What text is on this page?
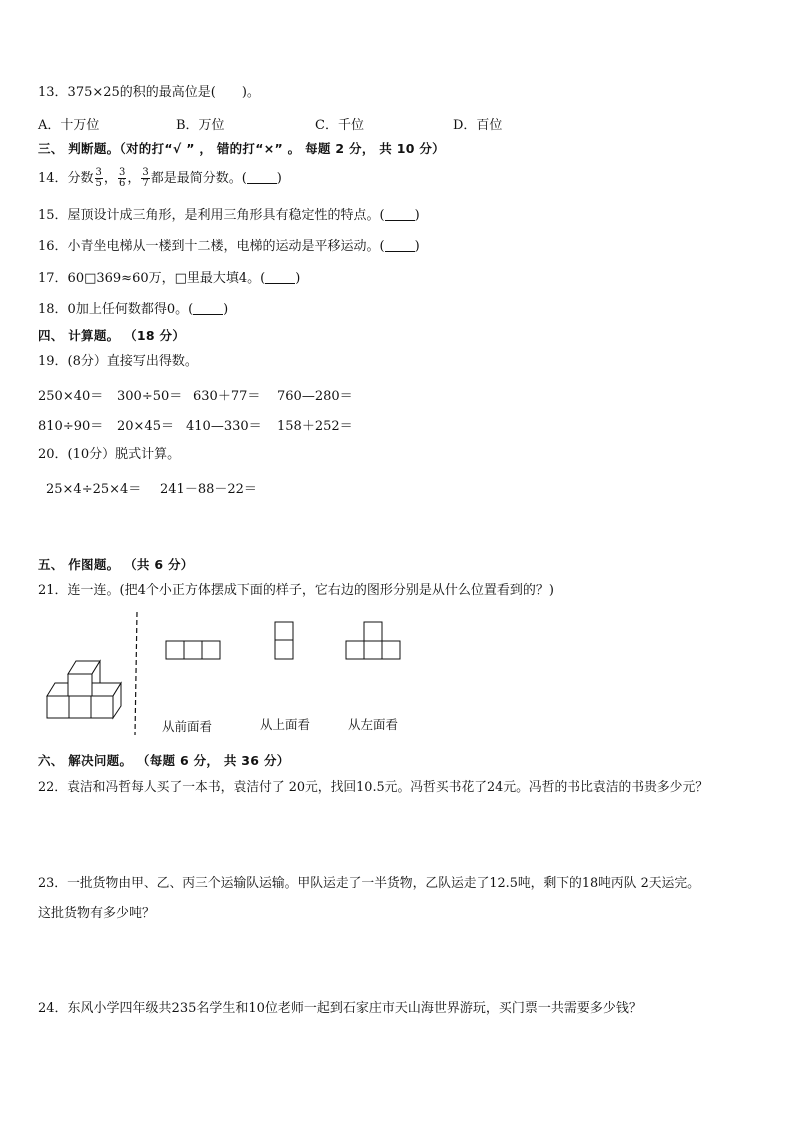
13．375×25的积的最高位是(　　)。
A．十万位	B．万位	C．千位	D．百位
三、 判断题。（对的打“√ ” ， 错的打“×” 。 每题 2 分， 共 10 分）
14．分数 $\frac{3}{5}$ ， $\frac{3}{6}$ ， $\frac{3}{7}$ 都是最简分数。( )
15．屋顶设计成三角形，是利用三角形具有稳定性的特点。( )
16．小青坐电梯从一楼到十二楼，电梯的运动是平移运动。( )
17．60□369≈60万，□里最大填4。( )
18．0加上任何数都得0。( )
四、 计算题。 （18 分）
19．(8分）直接写出得数。
250×40＝ 300÷50＝ 630＋77＝ 760—280＝
810÷90＝ 20×45＝ 410—330＝ 158＋252＝
20．(10分）脱式计算。
25×4÷25×4＝ 241－88－22＝
五、 作图题。 （共 6 分）
21．连一连。(把4个小正方体摆成下面的样子，它右边的图形分别是从什么位置看到的？)
从前面看	从上面看	从左面看
六、 解决问题。 （每题 6 分， 共 36 分）
22．袁洁和冯哲每人买了一本书，袁洁付了 20元，找回10.5元。冯哲买书花了24元。冯哲的书比袁洁的书贵多少元？
23．一批货物由甲、乙、丙三个运输队运输。甲队运走了一半货物，乙队运走了12.5吨，剩下的18吨丙队 2天运完。
这批货物有多少吨？
24．东风小学四年级共235名学生和10位老师一起到石家庄市天山海世界游玩，买门票一共需要多少钱？
